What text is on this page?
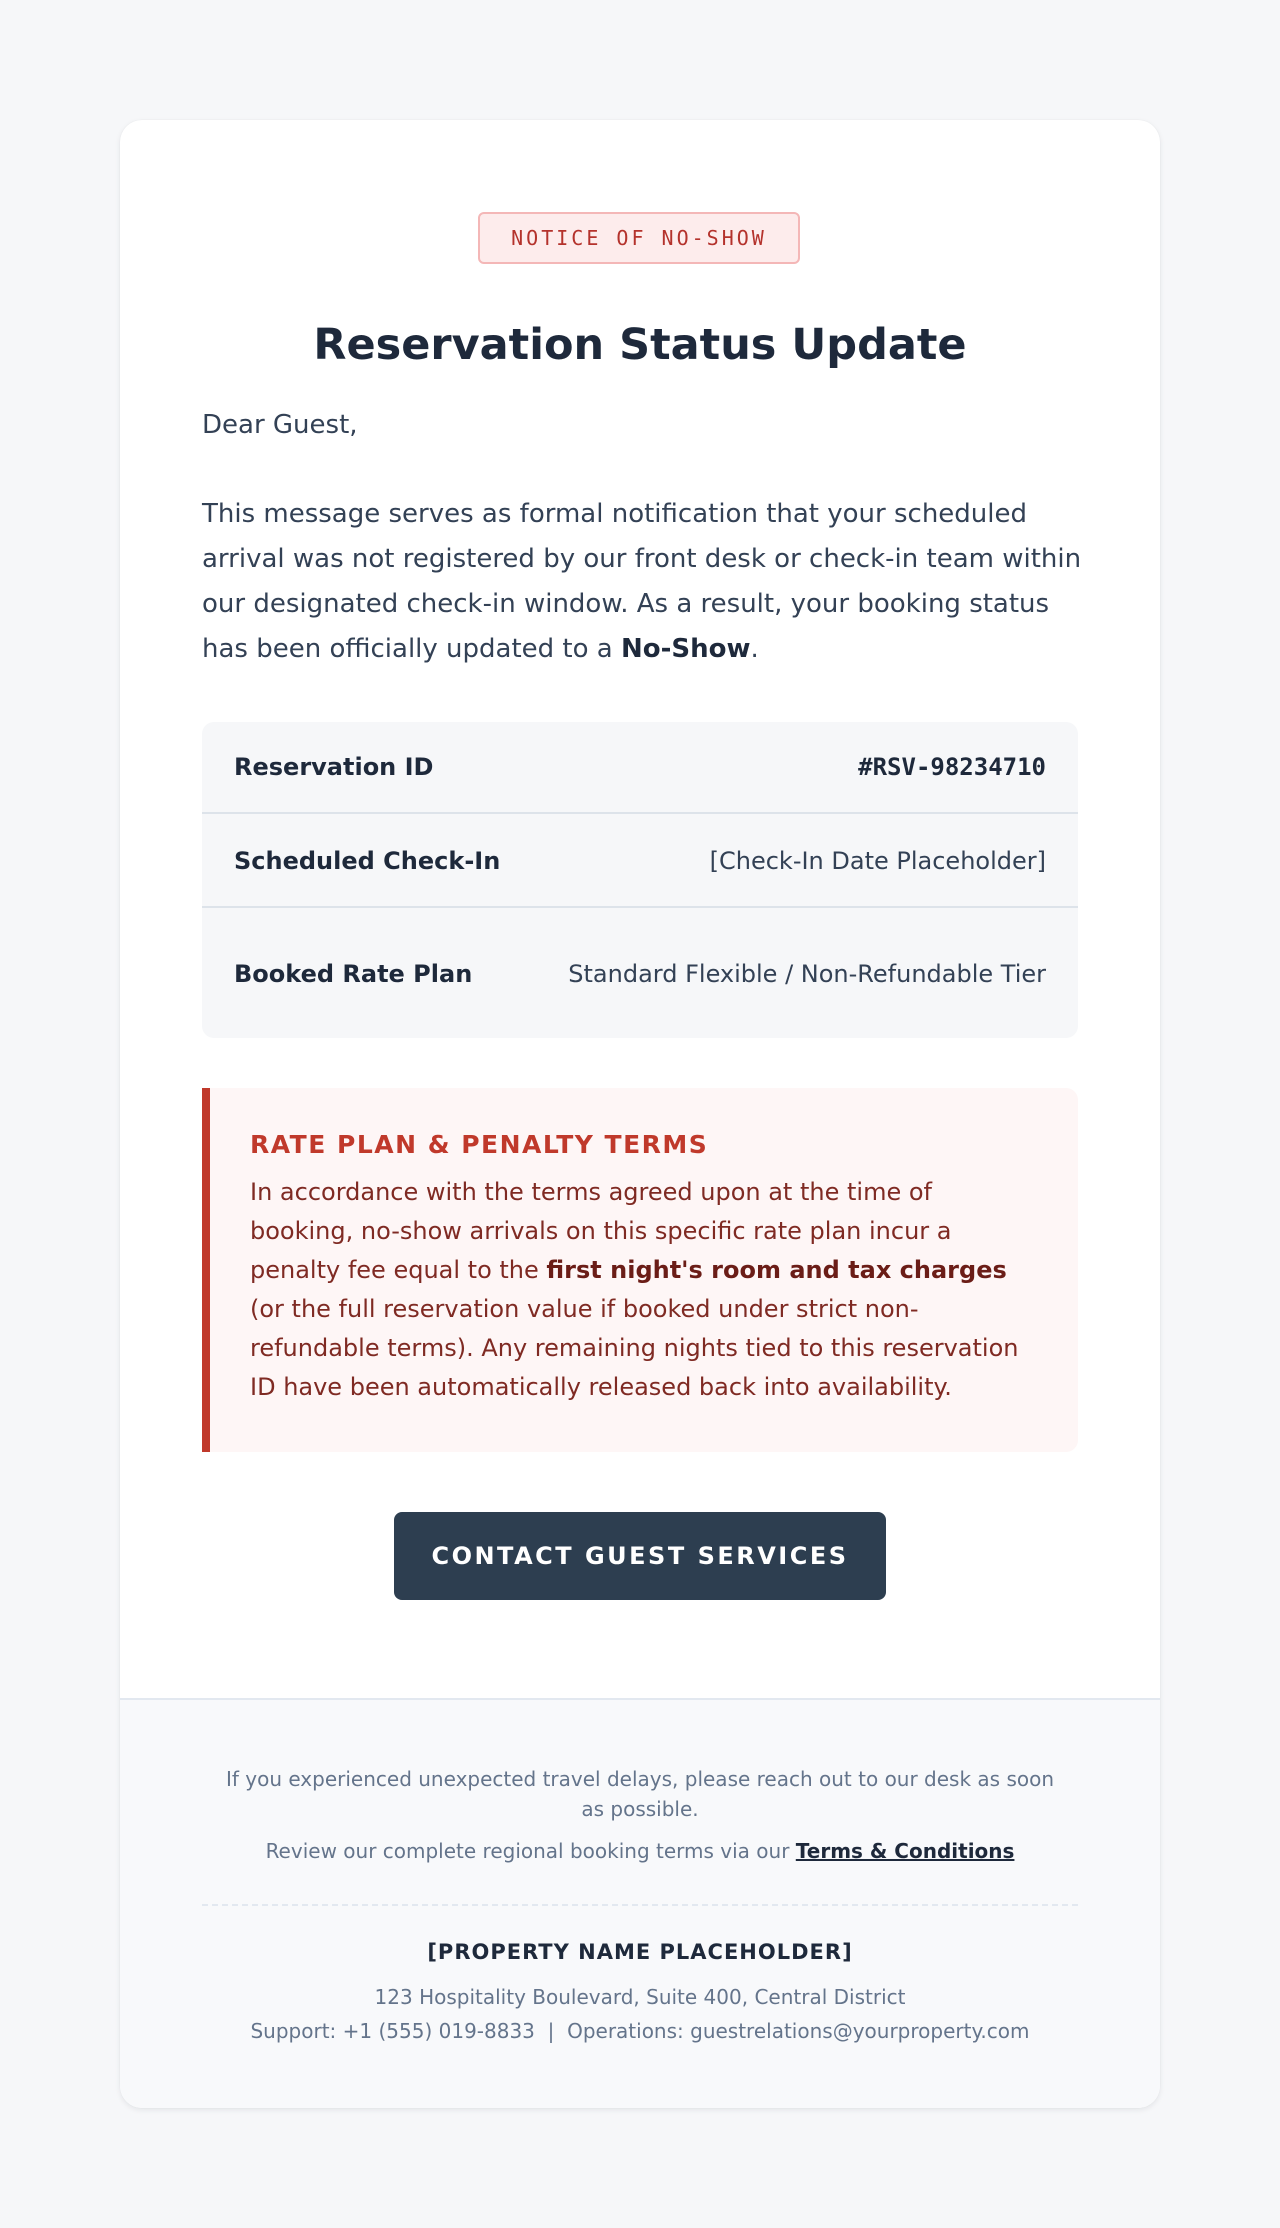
NOTICE OF NO-SHOW
Reservation Status Update

Dear Guest,

This message serves as formal notification that your scheduled arrival was not registered by our front desk or check-in team within our designated check-in window. As a result, your booking status has been officially updated to a No-Show.

Reservation ID	#RSV-98234710
Scheduled Check-In	[Check-In Date Placeholder]
Booked Rate Plan	Standard Flexible / Non-Refundable Tier
RATE PLAN & PENALTY TERMS

In accordance with the terms agreed upon at the time of booking, no-show arrivals on this specific rate plan incur a penalty fee equal to the first night's room and tax charges (or the full reservation value if booked under strict non-refundable terms). Any remaining nights tied to this reservation ID have been automatically released back into availability.

CONTACT GUEST SERVICES

If you experienced unexpected travel delays, please reach out to our desk as soon as possible.

Review our complete regional booking terms via our Terms & Conditions

[PROPERTY NAME PLACEHOLDER]

123 Hospitality Boulevard, Suite 400, Central District

Support: +1 (555) 019-8833  |  Operations: guestrelations@yourproperty.com
